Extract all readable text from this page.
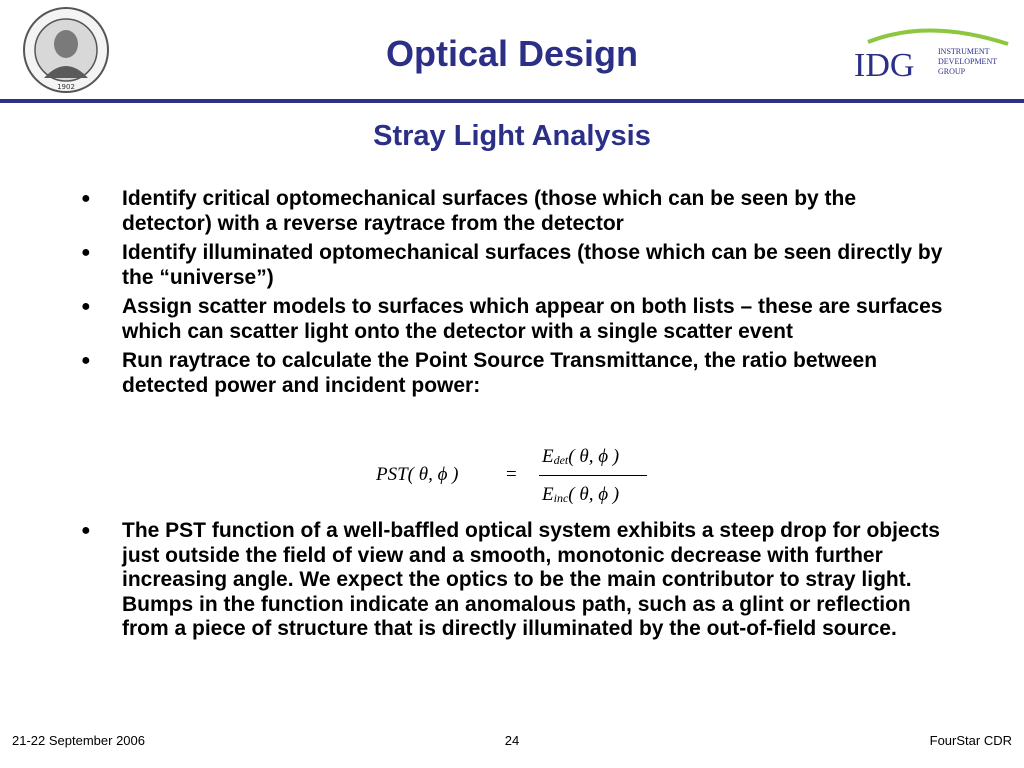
1902
Optical Design	IDG	INSTRUMENT
DEVELOPMENT
GROUP
Stray Light Analysis
● Identify critical optomechanical surfaces (those which can be seen by the detector) with a reverse raytrace from the detector
● Identify illuminated optomechanical surfaces (those which can be seen directly by the “universe”)
● Assign scatter models to surfaces which appear on both lists – these are surfaces which can scatter light onto the detector with a single scatter event
● Run raytrace to calculate the Point Source Transmittance, the ratio between detected power and incident power:
PST( θ, ϕ )	=
$E_{det}$( θ, ϕ )
$E_{inc}$( θ, ϕ )
● The PST function of a well-baffled optical system exhibits a steep drop for objects just outside the field of view and a smooth, monotonic decrease with further increasing angle. We expect the optics to be the main contributor to stray light. Bumps in the function indicate an anomalous path, such as a glint or reflection from a piece of structure that is directly illuminated by the out-of-field source.
21-22 September 2006	24	FourStar CDR
